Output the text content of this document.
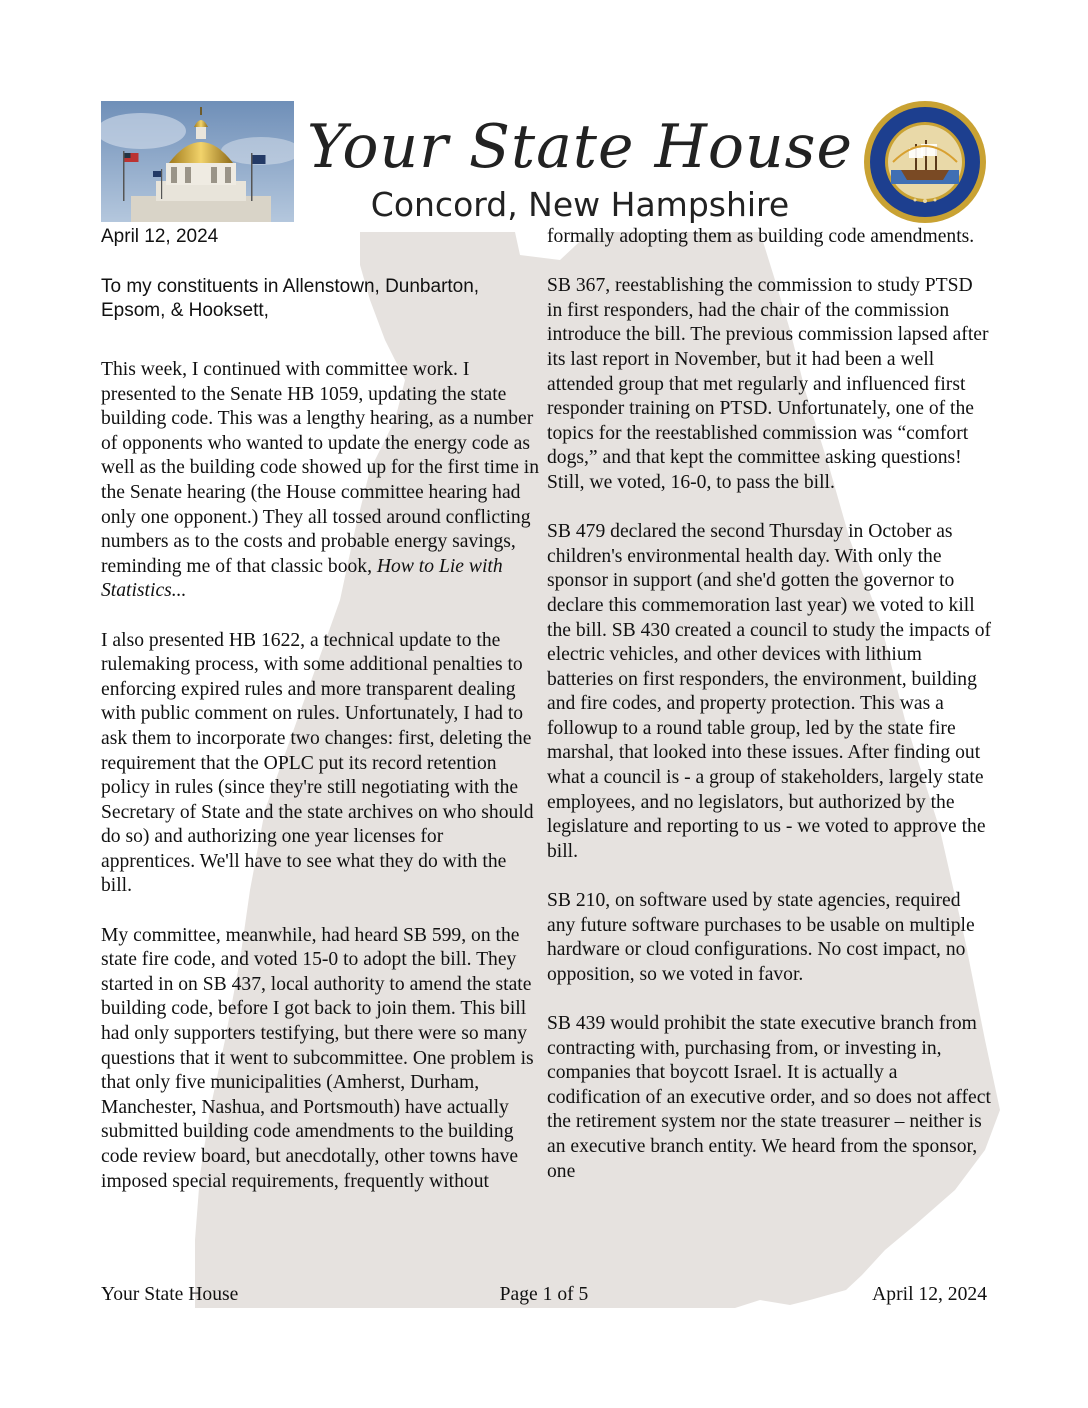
Your State House
Concord, New Hampshire
April 12, 2024
To my constituents in Allenstown, Dunbarton, Epsom, & Hooksett,

This week, I continued with committee work. I presented to the Senate HB 1059, updating the state building code. This was a lengthy hearing, as a number of opponents who wanted to update the energy code as well as the building code showed up for the first time in the Senate hearing (the House committee hearing had only one opponent.) They all tossed around conflicting numbers as to the costs and probable energy savings, reminding me of that classic book, How to Lie with Statistics...

I also presented HB 1622, a technical update to the rulemaking process, with some additional penalties to enforcing expired rules and more transparent dealing with public comment on rules. Unfortunately, I had to ask them to incorporate two changes: first, deleting the requirement that the OPLC put its record retention policy in rules (since they're still negotiating with the Secretary of State and the state archives on who should do so) and authorizing one year licenses for apprentices. We'll have to see what they do with the bill.

My committee, meanwhile, had heard SB 599, on the state fire code, and voted 15-0 to adopt the bill. They started in on SB 437, local authority to amend the state building code, before I got back to join them. This bill had only supporters testifying, but there were so many questions that it went to subcommittee. One problem is that only five municipalities (Amherst, Durham, Manchester, Nashua, and Portsmouth) have actually submitted building code amendments to the building code review board, but anecdotally, other towns have imposed special requirements, frequently without

formally adopting them as building code amendments.

SB 367, reestablishing the commission to study PTSD in first responders, had the chair of the commission introduce the bill. The previous commission lapsed after its last report in November, but it had been a well attended group that met regularly and influenced first responder training on PTSD. Unfortunately, one of the topics for the reestablished commission was “comfort dogs,” and that kept the committee asking questions! Still, we voted, 16-0, to pass the bill.

SB 479 declared the second Thursday in October as children's environmental health day. With only the sponsor in support (and she'd gotten the governor to declare this commemoration last year) we voted to kill the bill. SB 430 created a council to study the impacts of electric vehicles, and other devices with lithium batteries on first responders, the environment, building and fire codes, and property protection. This was a followup to a round table group, led by the state fire marshal, that looked into these issues. After finding out what a council is - a group of stakeholders, largely state employees, and no legislators, but authorized by the legislature and reporting to us - we voted to approve the bill.

SB 210, on software used by state agencies, required any future software purchases to be usable on multiple hardware or cloud configurations. No cost impact, no opposition, so we voted in favor.

SB 439 would prohibit the state executive branch from contracting with, purchasing from, or investing in, companies that boycott Israel. It is actually a codification of an executive order, and so does not affect the retirement system nor the state treasurer – neither is an executive branch entity. We heard from the sponsor, one

Your State House	Page 1 of 5	April 12, 2024
